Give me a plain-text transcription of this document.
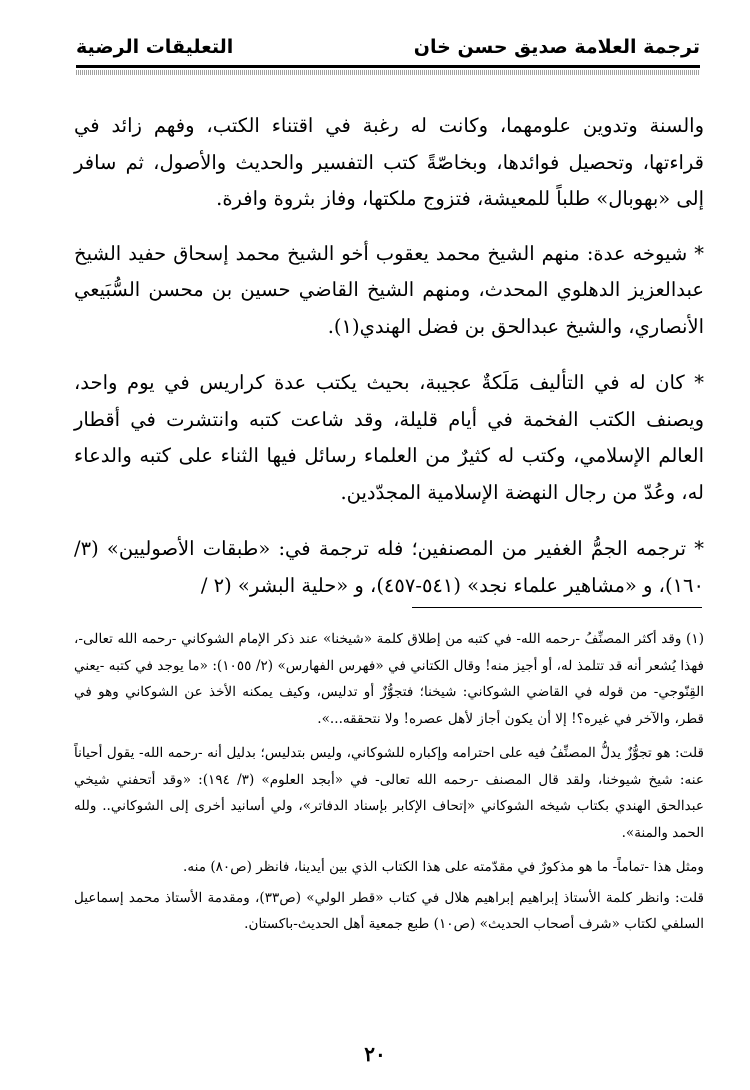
ترجمة العلامة صديق حسن خان
التعليقات الرضية

والسنة وتدوين علومهما، وكانت له رغبة في اقتناء الكتب، وفهم زائد في قراءتها، وتحصيل فوائدها، وبخاصّةً كتب التفسير والحديث والأصول، ثم سافر إلى «بهوبال» طلباً للمعيشة، فتزوج ملكتها، وفاز بثروة وافرة.

* شيوخه عدة: منهم الشيخ محمد يعقوب أخو الشيخ محمد إسحاق حفيد الشيخ عبدالعزيز الدهلوي المحدث، ومنهم الشيخ القاضي حسين بن محسن السُّبَيعي الأنصاري، والشيخ عبدالحق بن فضل الهندي(١).

* كان له في التأليف مَلَكةٌ عجيبة، بحيث يكتب عدة كراريس في يوم واحد، ويصنف الكتب الفخمة في أيام قليلة، وقد شاعت كتبه وانتشرت في أقطار العالم الإسلامي، وكتب له كثيرٌ من العلماء رسائل فيها الثناء على كتبه والدعاء له، وعُدّ من رجال النهضة الإسلامية المجدّدين.

* ترجمه الجمُّ الغفير من المصنفين؛ فله ترجمة في: «طبقات الأصوليين» (٣/ ١٦٠)، و «مشاهير علماء نجد» (٥٤١-٤٥٧)، و «حلية البشر» (٢ /

(١) وقد أكثر المصنِّفُ -رحمه الله- في كتبه من إطلاق كلمة «شيخنا» عند ذكر الإمام الشوكاني -رحمه الله تعالى-، فهذا يُشعر أنه قد تتلمذ له، أو أجيز منه! وقال الكتاني في «فهرس الفهارس» (٢/ ١٠٥٥): «ما يوجد في كتبه -يعني القِنّوجي- من قوله في القاضي الشوكاني: شيخنا؛ فتجوُّزٌ أو تدليس، وكيف يمكنه الأخذ عن الشوكاني وهو في قطر، والآخر في غيره؟! إلا أن يكون أجاز لأهل عصره! ولا نتحققه...».

قلت: هو تجوُّزٌ يدلُّ المصنِّفُ فيه على احترامه وإكباره للشوكاني، وليس بتدليس؛ بدليل أنه -رحمه الله- يقول أحياناً عنه: شيخ شيوخنا، ولقد قال المصنف -رحمه الله تعالى- في «أبجد العلوم» (٣/ ١٩٤): «وقد أتحفني شيخي عبدالحق الهندي بكتاب شيخه الشوكاني «إتحاف الإكابر بإسناد الدفاتر»، ولي أسانيد أخرى إلى الشوكاني.. ولله الحمد والمنة».

ومثل هذا -تماماً- ما هو مذكورٌ في مقدّمته على هذا الكتاب الذي بين أيدينا، فانظر (ص٨٠) منه.

قلت: وانظر كلمة الأستاذ إبراهيم إبراهيم هلال في كتاب «قطر الولي» (ص٣٣)، ومقدمة الأستاذ محمد إسماعيل السلفي لكتاب «شرف أصحاب الحديث» (ص١٠) طبع جمعية أهل الحديث-باكستان.

٢٠
